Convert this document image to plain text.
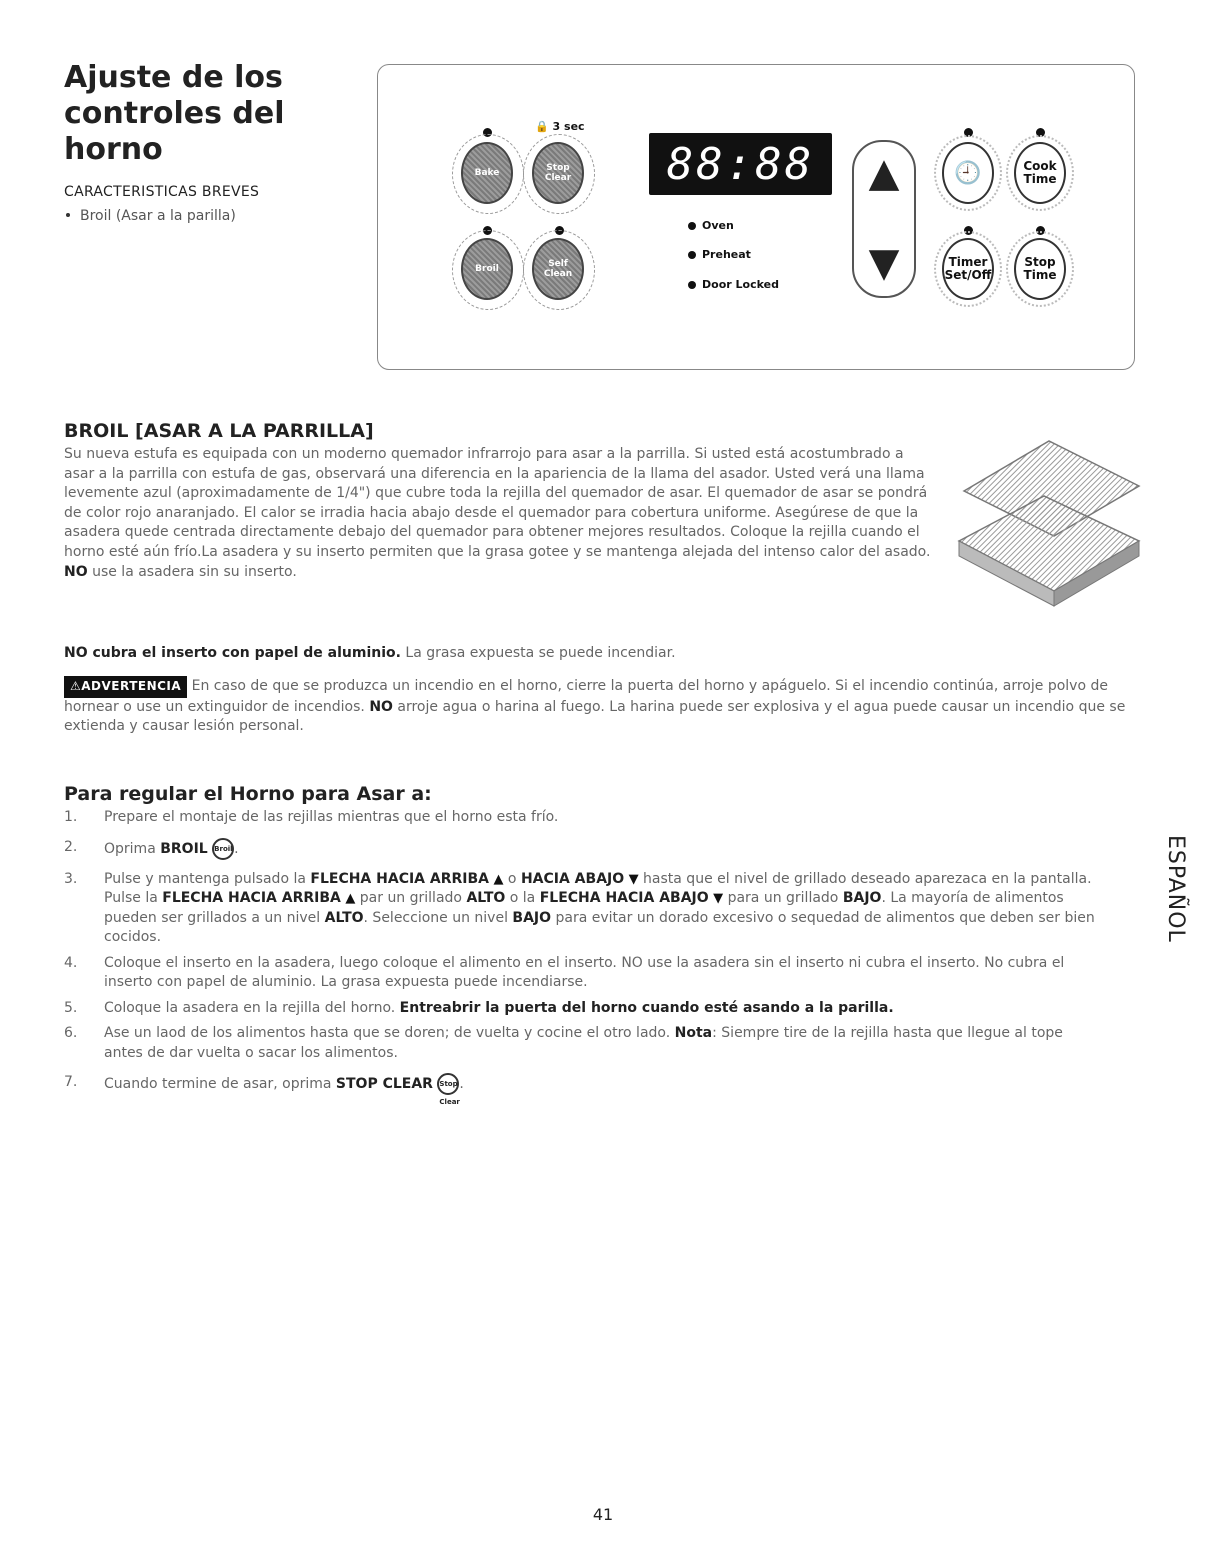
Ajuste de los controles del horno
CARACTERISTICAS BREVES
Broil (Asar a la parilla)
🔒 3 sec
Bake	Stop Clear
Broil	Self Clean
88:88
Oven
Preheat
Door Locked
▲
▼
🕘	Cook Time
Timer Set/Off
Stop Time
BROIL [ASAR A LA PARRILLA]
Su nueva estufa es equipada con un moderno quemador infrarrojo para asar a la parrilla. Si usted está acostumbrado a asar a la parrilla con estufa de gas, observará una diferencia en la apariencia de la llama del asador. Usted verá una llama levemente azul (aproximadamente de 1/4") que cubre toda la rejilla del quemador de asar. El quemador de asar se pondrá de color rojo anaranjado. El calor se irradia hacia abajo desde el quemador para cobertura uniforme. Asegúrese de que la asadera quede centrada directamente debajo del quemador para obtener mejores resultados. Coloque la rejilla cuando el horno esté aún frío.La asadera y su inserto permiten que la grasa gotee y se mantenga alejada del intenso calor del asado. NO use la asadera sin su inserto.
NO cubra el inserto con papel de aluminio. La grasa expuesta se puede incendiar.
⚠ADVERTENCIA En caso de que se produzca un incendio en el horno, cierre la puerta del horno y apáguelo. Si el incendio continúa, arroje polvo de hornear o use un extinguidor de incendios. NO arroje agua o harina al fuego. La harina puede ser explosiva y el agua puede causar un incendio que se extienda y causar lesión personal.
Para regular el Horno para Asar a:
1.	Prepare el montaje de las rejillas mientras que el horno esta frío.
2.	Oprima BROIL Broil .
3.	Pulse y mantenga pulsado la FLECHA HACIA ARRIBA ▲ o HACIA ABAJO ▼ hasta que el nivel de grillado deseado aparezaca en la pantalla. Pulse la FLECHA HACIA ARRIBA ▲ par un grillado ALTO o la FLECHA HACIA ABAJO ▼ para un grillado BAJO. La mayoría de alimentos pueden ser grillados a un nivel ALTO. Seleccione un nivel BAJO para evitar un dorado excesivo o sequedad de alimentos que deben ser bien cocidos.
4.	Coloque el inserto en la asadera, luego coloque el alimento en el inserto. NO use la asadera sin el inserto ni cubra el inserto. No cubra el inserto con papel de aluminio. La grasa expuesta puede incendiarse.
5.	Coloque la asadera en la rejilla del horno. Entreabrir la puerta del horno cuando esté asando a la parilla.
6.	Ase un laod de los alimentos hasta que se doren; de vuelta y cocine el otro lado. Nota: Siempre tire de la rejilla hasta que llegue al tope antes de dar vuelta o sacar los alimentos.
7.	Cuando termine de asar, oprima STOP CLEAR Stop Clear.
ESPAÑOL
41
